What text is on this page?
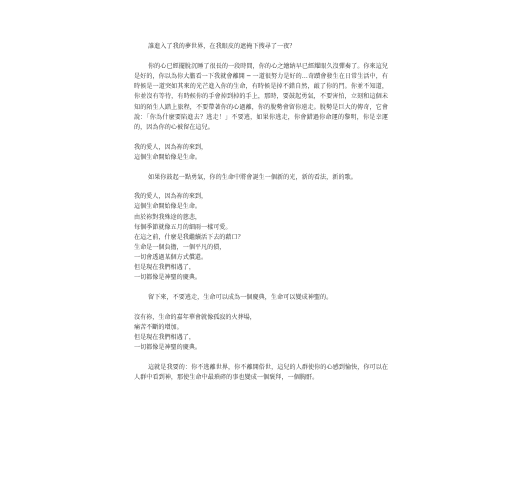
誰進入了我的夢世界，在我眼皮的遮掩下搜尋了一夜？

你的心已經擺脫沉睡了很長的一段時間，你的心之繪納早已經耀眼久沒彈奏了。你來這兒是好的，你以為你大膽看一下我就會離開 ─ 一道很努力是好的…奇蹟會發生在日常生活中，有時候是一道突如其來的光芒進入你的生命，有時候是掉不錯自然，敲了你的門。你並不知道，你並沒有等待，有時候你的手會掉到掉的手上，那時，要鼓起勇氣，不要害怕，立刻和這個未知的陌生人踏上旅程，不要帶著你的心過離，你的脫勢會留你遠走。脫勢是巨大的傳奇，它會說：「你為什麼要陷進去？逃走！」不要逃，如果你逃走，你會錯過你命運的黎明，你是幸運的，因為你的心被留在這兒。

我的愛人，因為祢的來到，
這個生命開始像是生命。

如果你鼓起一點勇氣，你的生命中將會誕生一個新的光，新的看法，新的歌。

我的愛人，因為祢的來到，
這個生命開始像是生命。
由於祢對我殊途的慈悲，
每個季節就像五月的細雨一樣可愛。
在這之前，什麼是我繼續活下去的藉口？
生命是一個負擔，一個平凡的債，
一切會透過某個方式償還。
但是現在我們相遇了，
一切都像是神聖的慶典。

留下來，不要逃走，生命可以成為一個慶典，生命可以變成神聖的。

沒有祢，生命的嘉年華會就像孤寂的火葬場，
痛苦不斷的增加。
但是現在我們相遇了，
一切都像是神聖的慶典。

這就是我要的：你不逃離世界，你不離開俗世，這兒的人群使你的心感到愉快，你可以在人群中看到神，那使生命中最瑣碎的事也變成一個褒拜，一個胸骭。
